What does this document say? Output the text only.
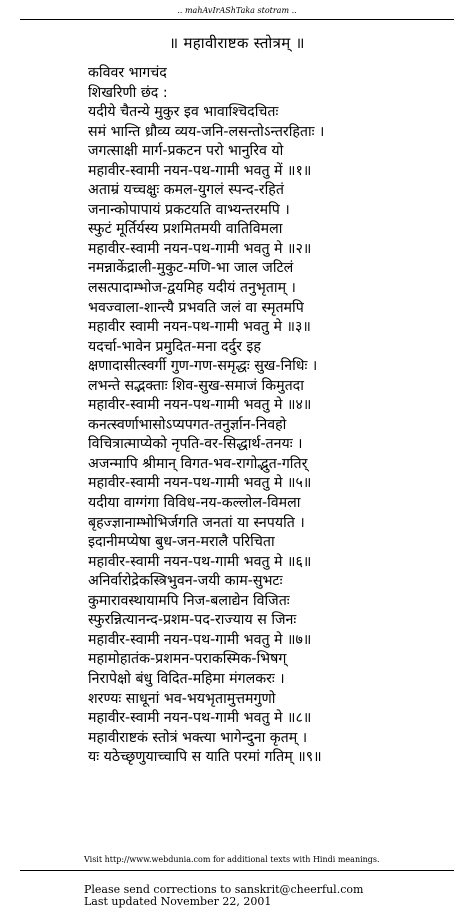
.. mahAvIrAShTaka stotram ..
॥ महावीराष्टक स्तोत्रम् ॥
कविवर भागचंद
शिखरिणी छंद :
यदीये चैतन्ये मुकुर इव भावाश्चिदचितः
समं भान्ति ध्रौव्य व्यय-जनि-लसन्तोऽन्तरहिताः ।
जगत्साक्षी मार्ग-प्रकटन परो भानुरिव यो
महावीर-स्वामी नयन-पथ-गामी भवतु में ॥१॥
अताम्रं यच्चक्षुः कमल-युगलं स्पन्द-रहितं
जनान्कोपापायं प्रकटयति वाभ्यन्तरमपि ।
स्फुटं मूर्तिर्यस्य प्रशमितमयी वातिविमला
महावीर-स्वामी नयन-पथ-गामी भवतु मे ॥२॥
नमन्नाकेंद्राली-मुकुट-मणि-भा जाल जटिलं
लसत्पादाम्भोज-द्वयमिह यदीयं तनुभृताम् ।
भवज्वाला-शान्त्यै प्रभवति जलं वा स्मृतमपि
महावीर स्वामी नयन-पथ-गामी भवतु मे ॥३॥
यदर्चा-भावेन प्रमुदित-मना दर्दुर इह
क्षणादासीत्स्वर्गी गुण-गण-समृद्धः सुख-निधिः ।
लभन्ते सद्भक्ताः शिव-सुख-समाजं किमुतदा
महावीर-स्वामी नयन-पथ-गामी भवतु मे ॥४॥
कनत्स्वर्णाभासोऽप्यपगत-तनुर्ज्ञान-निवहो
विचित्रात्माप्येको नृपति-वर-सिद्धार्थ-तनयः ।
अजन्मापि श्रीमान् विगत-भव-रागोद्भुत-गतिर्
महावीर-स्वामी नयन-पथ-गामी भवतु मे ॥५॥
यदीया वाग्गंगा विविध-नय-कल्लोल-विमला
बृहज्ज्ञानाम्भोभिर्जगति जनतां या स्नपयति ।
इदानीमप्येषा बुध-जन-मरालै परिचिता
महावीर-स्वामी नयन-पथ-गामी भवतु मे ॥६॥
अनिर्वारोद्रेकस्त्रिभुवन-जयी काम-सुभटः
कुमारावस्थायामपि निज-बलाद्येन विजितः
स्फुरन्नित्यानन्द-प्रशम-पद-राज्याय स जिनः
महावीर-स्वामी नयन-पथ-गामी भवतु मे ॥७॥
महामोहातंक-प्रशमन-पराकस्मिक-भिषग्
निरापेक्षो बंधु विदित-महिमा मंगलकरः ।
शरण्यः साधूनां भव-भयभृतामुत्तमगुणो
महावीर-स्वामी नयन-पथ-गामी भवतु मे ॥८॥
महावीराष्टकं स्तोत्रं भक्त्या भागेन्दुना कृतम् ।
यः यठेच्छृणुयाच्चापि स याति परमां गतिम् ॥९॥
Visit http://www.webdunia.com for additional texts with Hindi meanings.
Please send corrections to sanskrit@cheerful.com
Last updated November 22, 2001
